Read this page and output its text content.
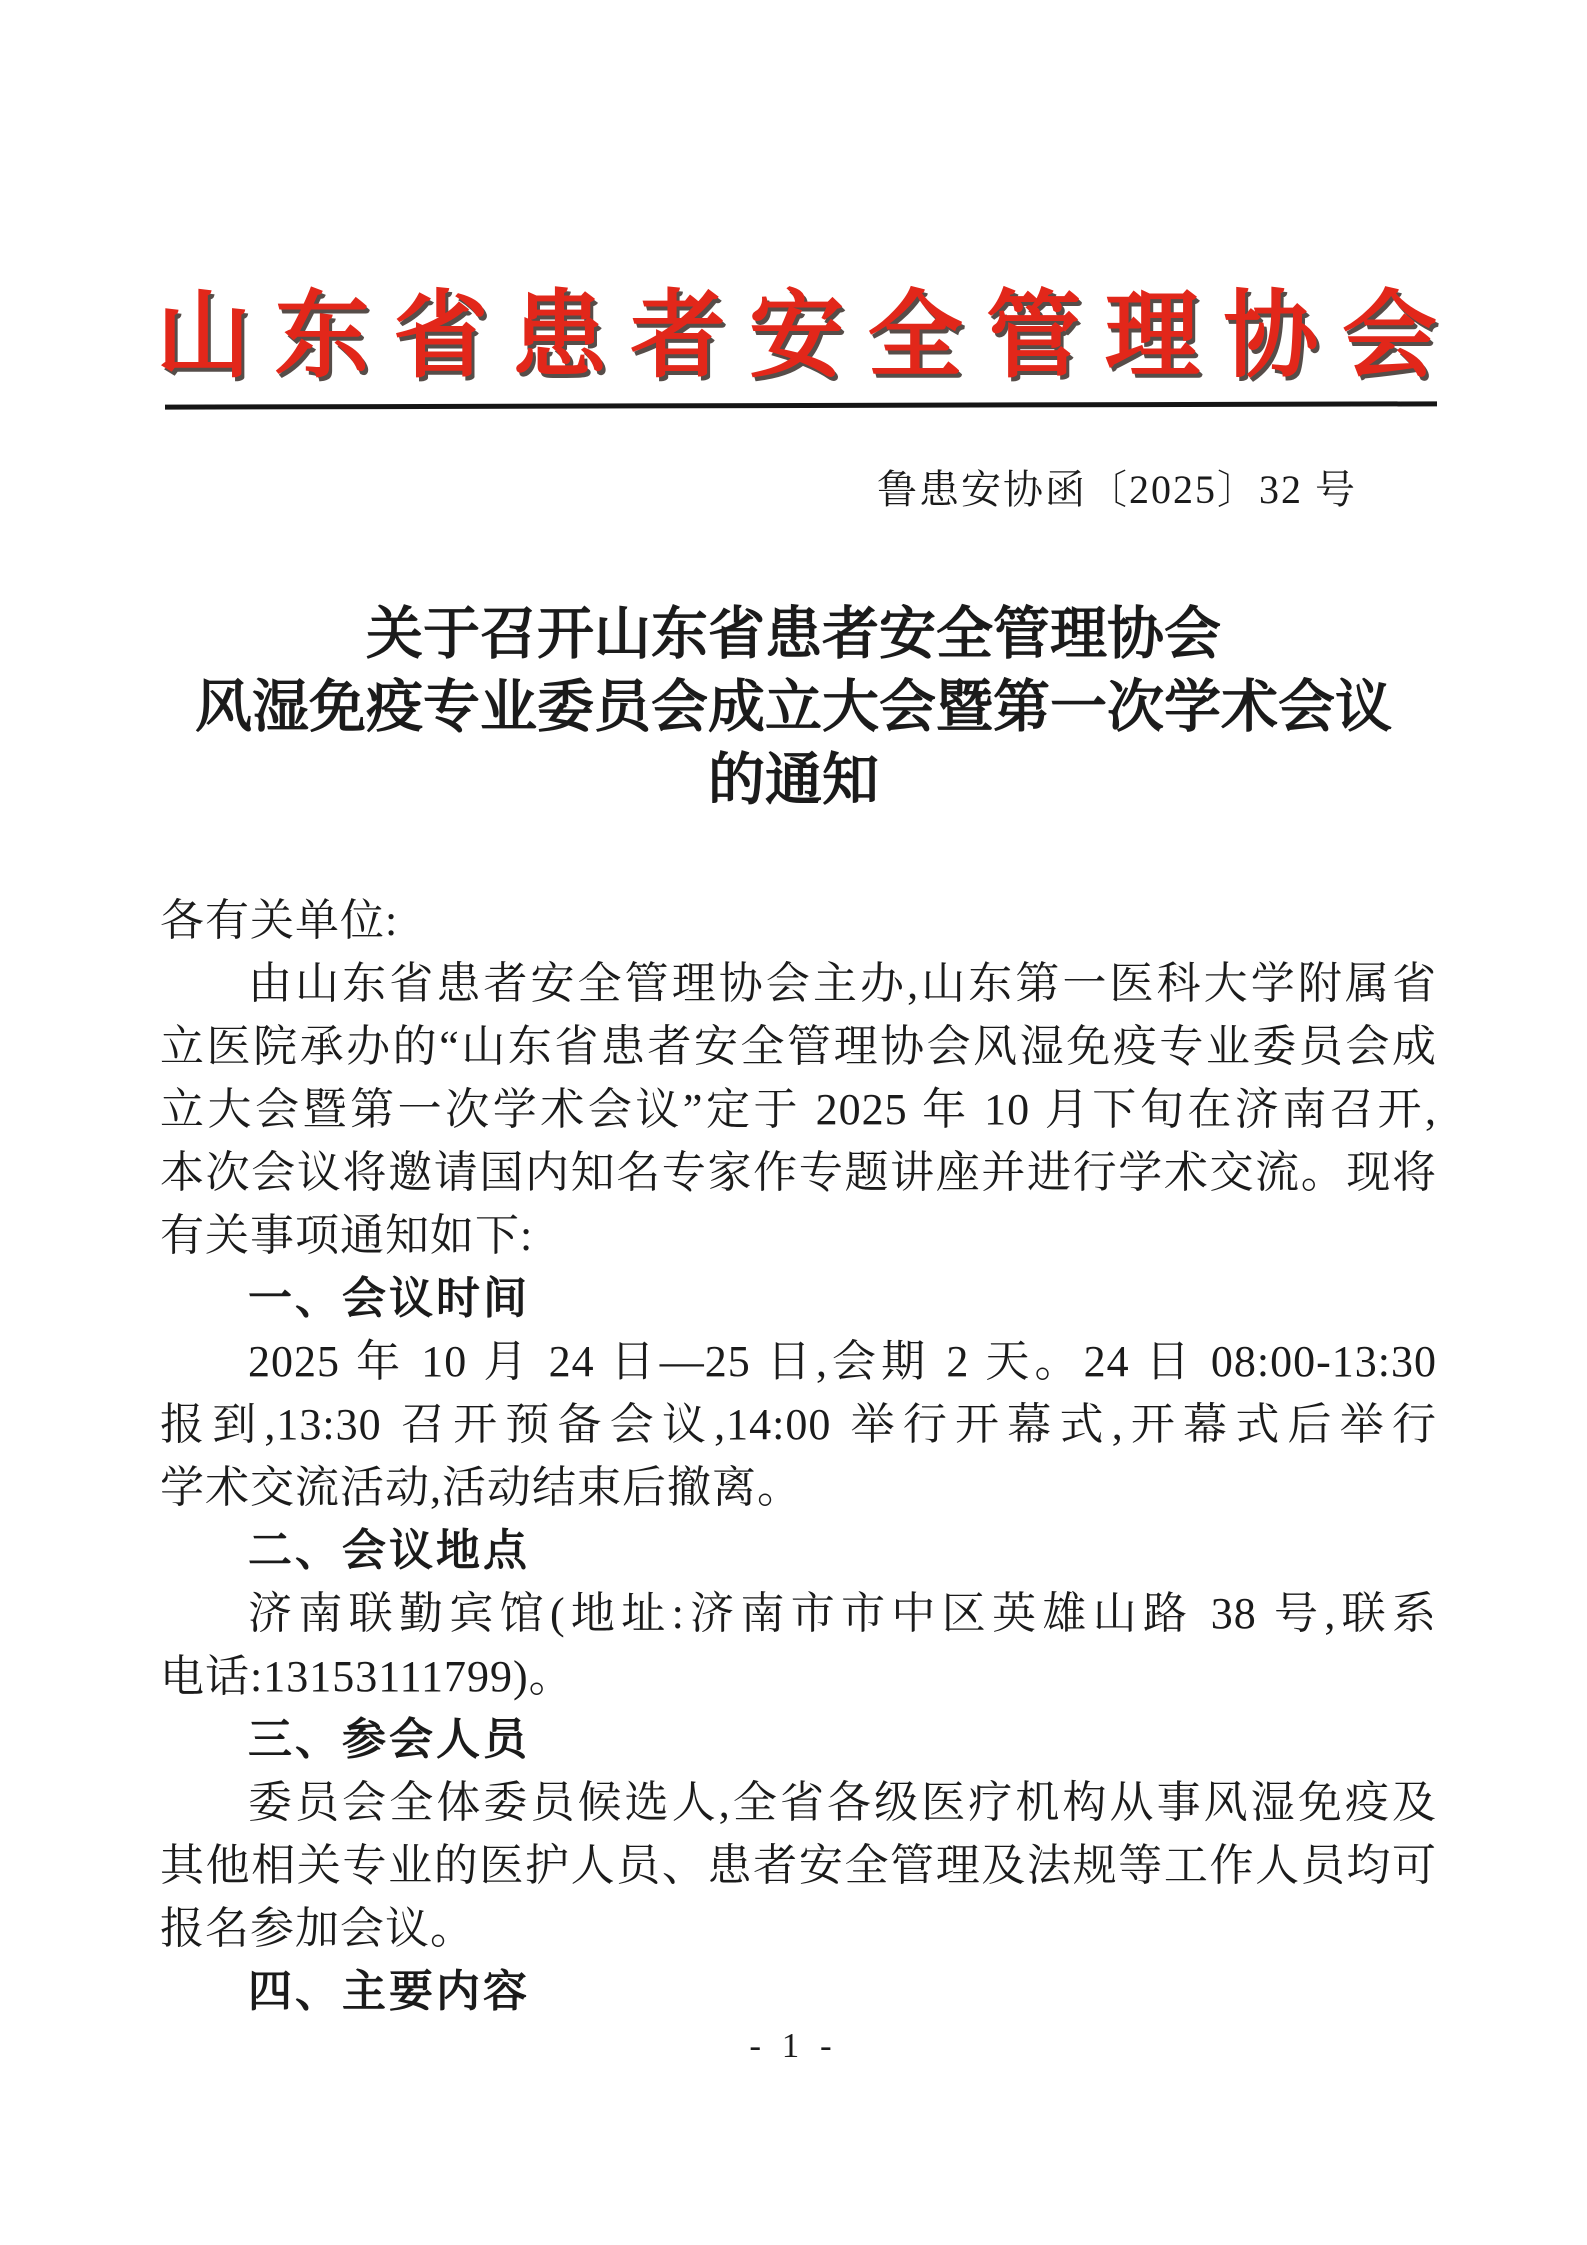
山东省患者安全管理协会
鲁患安协函〔2025〕32 号
关于召开山东省患者安全管理协会
风湿免疫专业委员会成立大会暨第一次学术会议
的通知
各有关单位:
由山东省患者安全管理协会主办,山东第一医科大学附属省
立医院承办的“山东省患者安全管理协会风湿免疫专业委员会成
立大会暨第一次学术会议”定于 2025 年 10 月下旬在济南召开,
本次会议将邀请国内知名专家作专题讲座并进行学术交流。现将
有关事项通知如下:
一、会议时间
2025 年 10 月 24 日—25 日,会期 2 天。24 日 08:00-13:30
报到,13:30 召开预备会议,14:00 举行开幕式,开幕式后举行
学术交流活动,活动结束后撤离。
二、会议地点
济南联勤宾馆(地址:济南市市中区英雄山路 38 号,联系
电话:13153111799)。
三、参会人员
委员会全体委员候选人,全省各级医疗机构从事风湿免疫及
其他相关专业的医护人员、患者安全管理及法规等工作人员均可
报名参加会议。
四、主要内容
- 1 -
